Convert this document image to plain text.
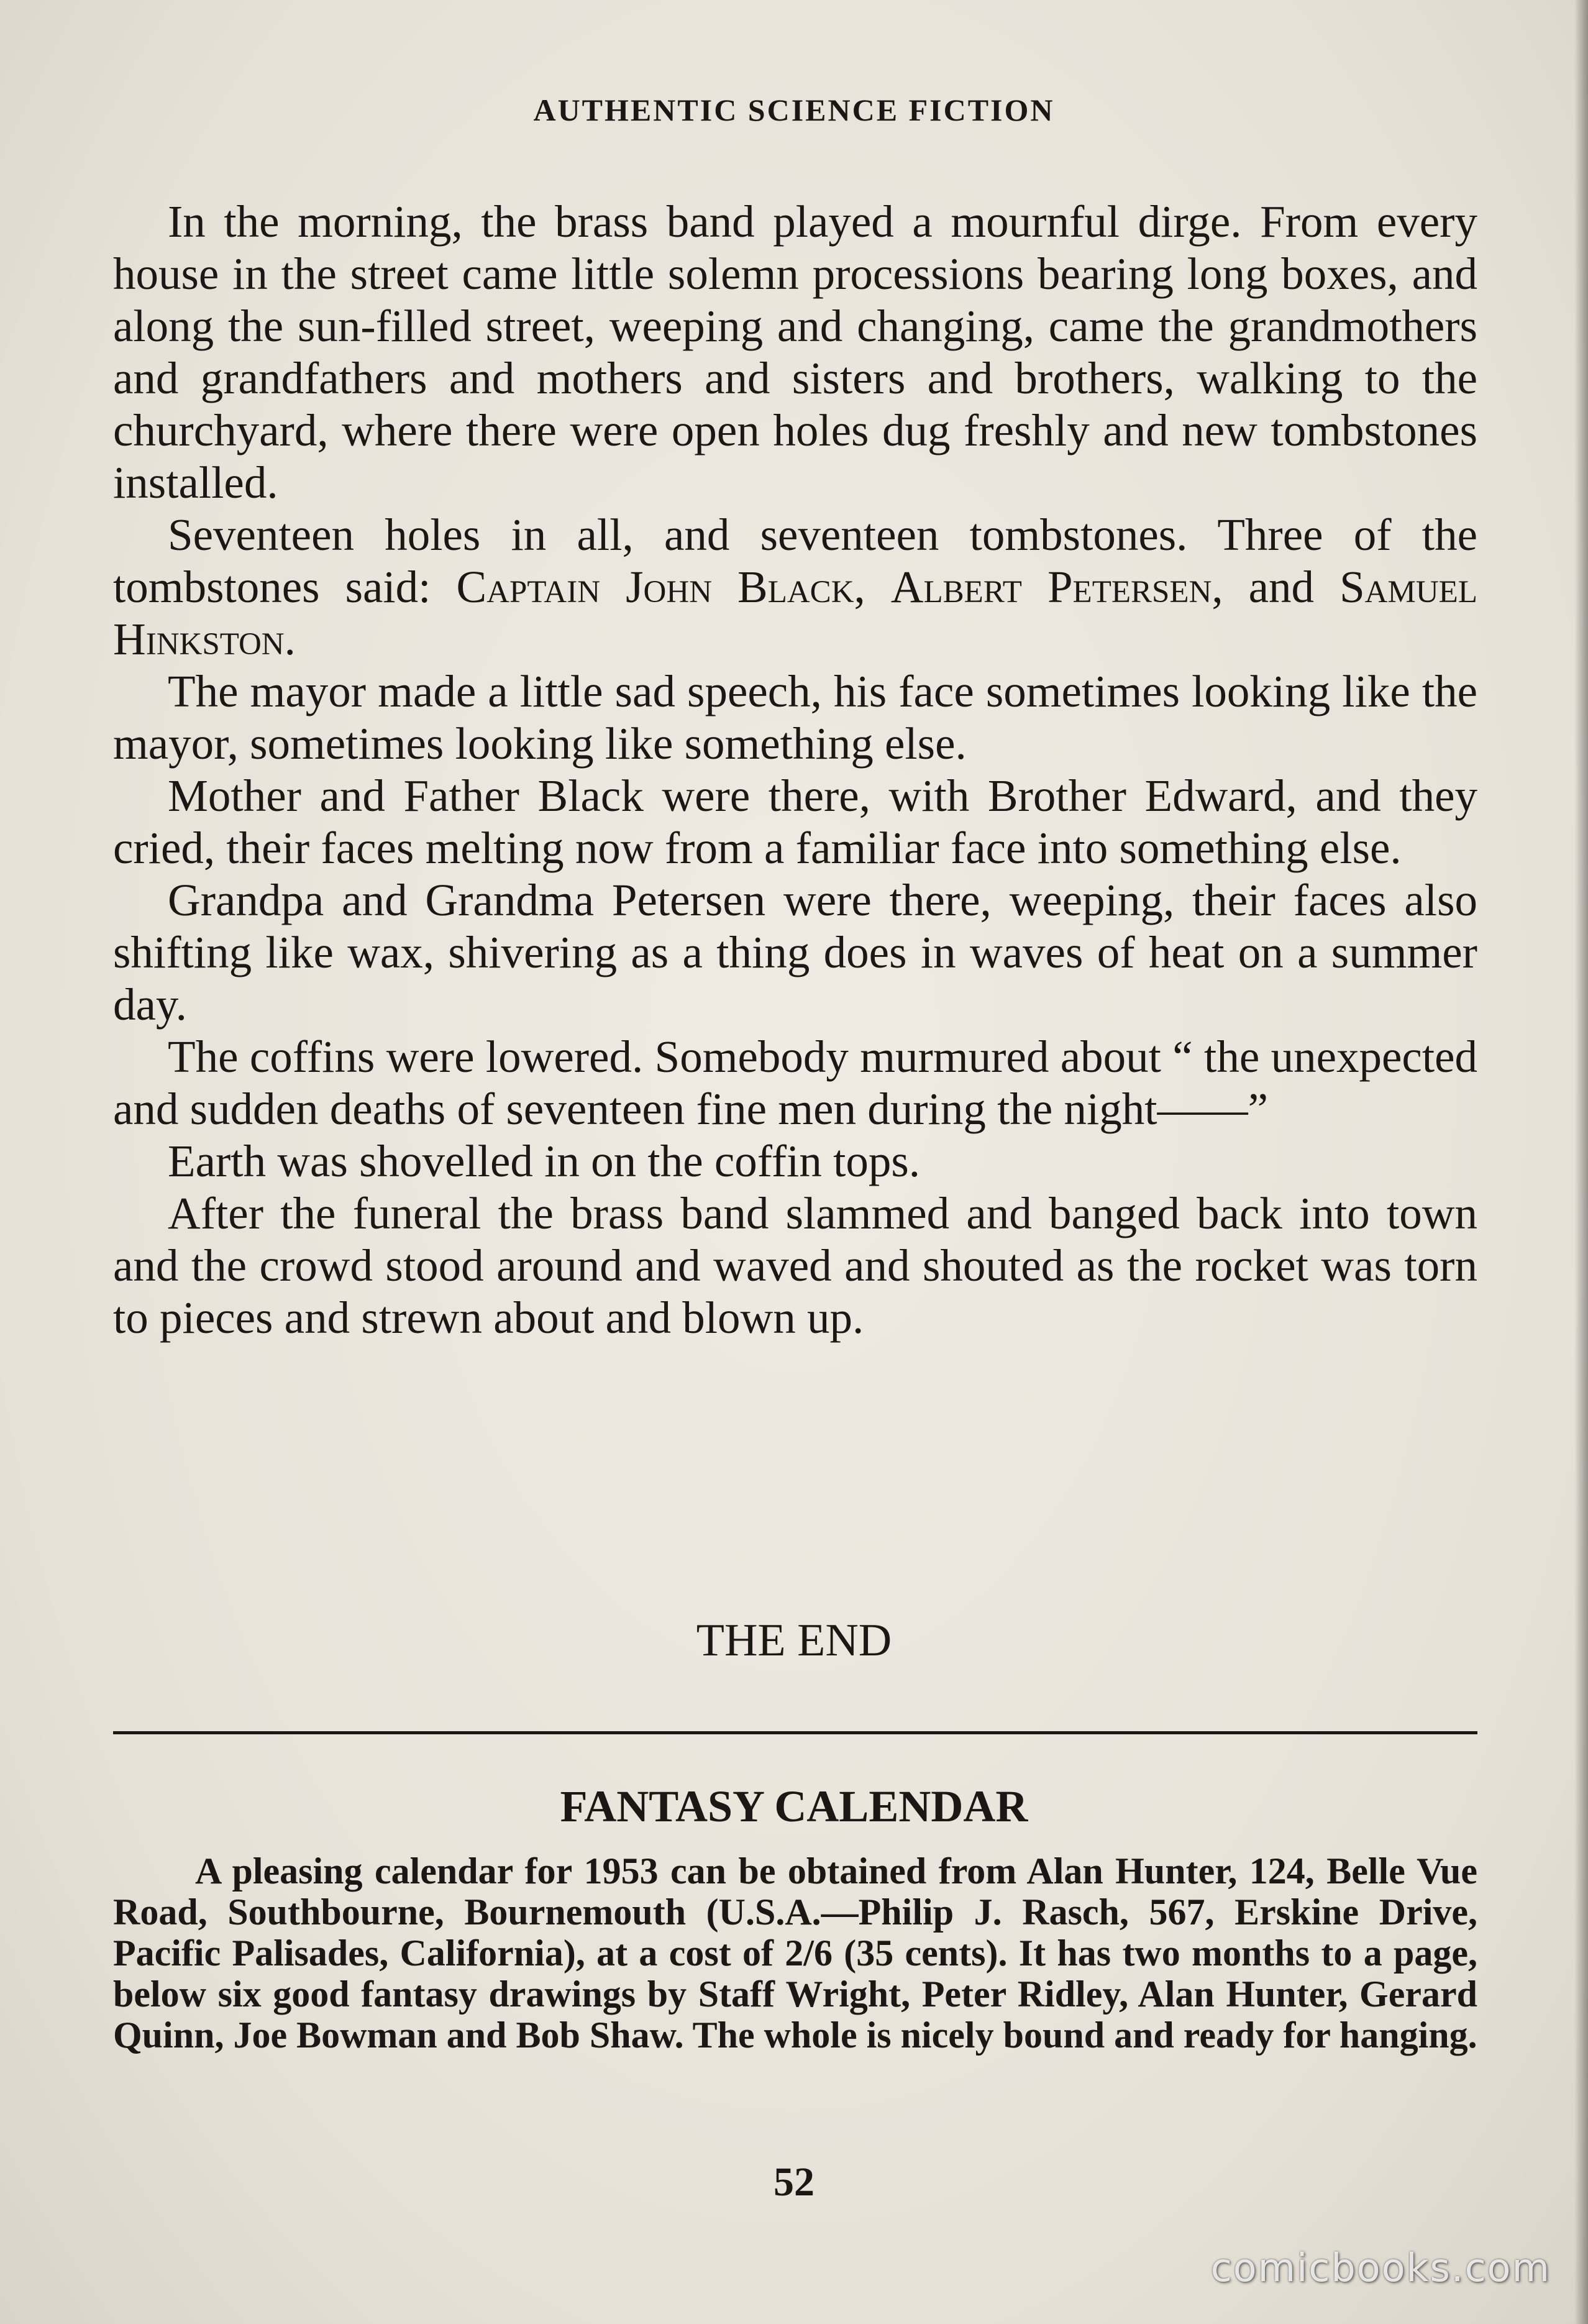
AUTHENTIC SCIENCE FICTION

In the morning, the brass band played a mournful dirge. From every house in the street came little solemn processions bearing long boxes, and along the sun-filled street, weeping and changing, came the grandmothers and grandfathers and mothers and sisters and brothers, walking to the churchyard, where there were open holes dug freshly and new tombstones installed.

Seventeen holes in all, and seventeen tombstones. Three of the tombstones said: Captain John Black, Albert Petersen, and Samuel Hinkston.

The mayor made a little sad speech, his face sometimes looking like the mayor, sometimes looking like something else.

Mother and Father Black were there, with Brother Edward, and they cried, their faces melting now from a familiar face into something else.

Grandpa and Grandma Petersen were there, weeping, their faces also shifting like wax, shivering as a thing does in waves of heat on a summer day.

The coffins were lowered. Somebody murmured about “ the unexpected and sudden deaths of seventeen fine men during the night——”

Earth was shovelled in on the coffin tops.

After the funeral the brass band slammed and banged back into town and the crowd stood around and waved and shouted as the rocket was torn to pieces and strewn about and blown up.

THE END
FANTASY CALENDAR

A pleasing calendar for 1953 can be obtained from Alan Hunter, 124, Belle Vue Road, Southbourne, Bournemouth (U.S.A.—Philip J. Rasch, 567, Erskine Drive, Pacific Palisades, California), at a cost of 2/6 (35 cents). It has two months to a page, below six good fantasy drawings by Staff Wright, Peter Ridley, Alan Hunter, Gerard Quinn, Joe Bowman and Bob Shaw. The whole is nicely bound and ready for hanging.

52
comicbooks.com
